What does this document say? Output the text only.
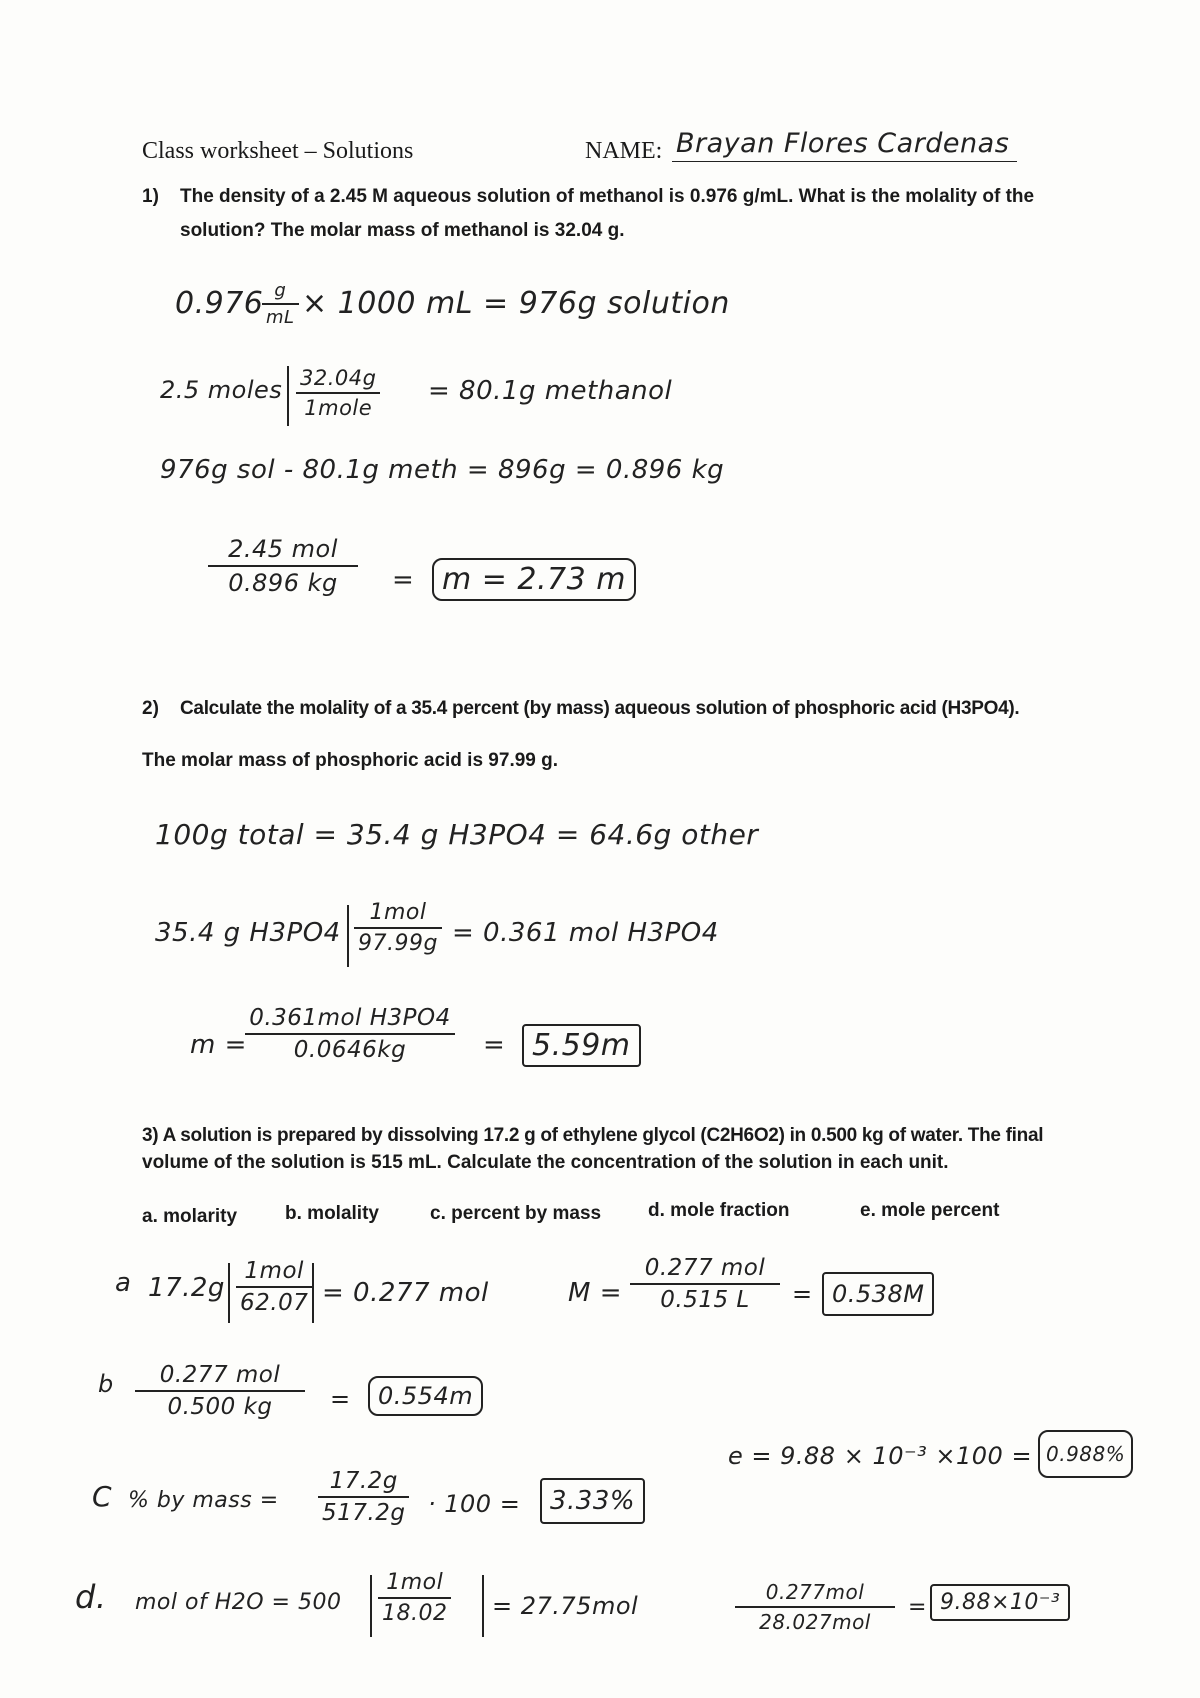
Class worksheet – Solutions	NAME: Brayan Flores Cardenas
1) The density of a 2.45 M aqueous solution of methanol is 0.976 g/mL. What is the molality of the
solution? The molar mass of methanol is 32.04 g.
0.976
$\frac{g}{mL} \times 1000$ mL = 976g solution
2.5 moles 32.04g
1mole
= 80.1g methanol
976g sol - 80.1g meth = 896g = 0.896 kg
2.45 mol
0.896 kg	= m = 2.73 m
2) Calculate the molality of a 35.4 percent (by mass) aqueous solution of phosphoric acid (H3PO4).
The molar mass of phosphoric acid is 97.99 g.
100g total = 35.4 g H3PO4 = 64.6g other
35.4 g H3PO4
1mol
97.99g = 0.361 mol H3PO4
m =
0.361mol H3PO4
0.0646kg	= 5.59m
3) A solution is prepared by dissolving 17.2 g of ethylene glycol (C2H6O2) in 0.500 kg of water. The final
volume of the solution is 515 mL. Calculate the concentration of the solution in each unit.
a. molarity	b. molality	c. percent by mass d. mole fraction	e. mole percent
a 17.2g
1mol
62.07 = 0.277 mol	M =
0.277 mol
0.515 L	= 0.538M
b	0.277 mol
0.500 kg	=	0.554m
e = 9.88 × 10⁻³ ×100 = 0.988%
C % by mass = $\frac{17.2g}{517.2g} \cdot 100$ =	3.33%
d. mol of H2O = 500
1mol
18.02 = 27.75mol	0.277mol
28.027mol
= 9.88×10⁻³
